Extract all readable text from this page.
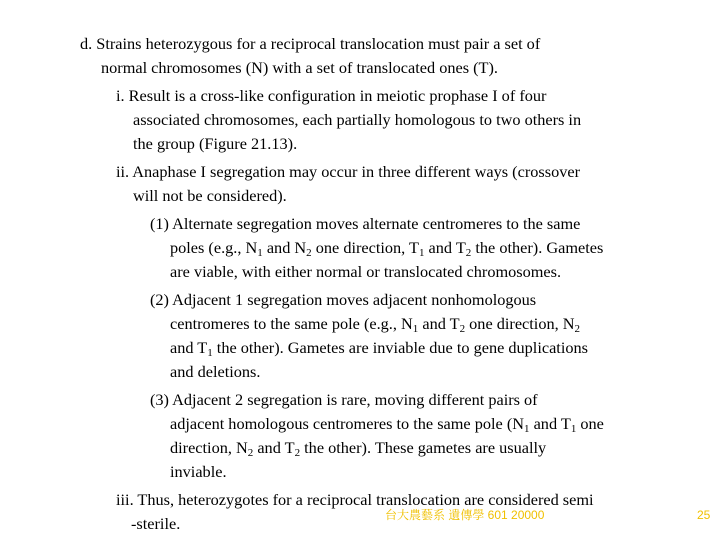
d. Strains heterozygous for a reciprocal translocation must pair a set of
normal chromosomes (N) with a set of translocated ones (T).
i. Result is a cross-like configuration in meiotic prophase I of four
associated chromosomes, each partially homologous to two others in
the group (Figure 21.13).
ii. Anaphase I segregation may occur in three different ways (crossover
will not be considered).
(1) Alternate segregation moves alternate centromeres to the same
poles (e.g., $N_1$ and $N_2$ one direction, $T_1$ and $T_2$ the other). Gametes
are viable, with either normal or translocated chromosomes.
(2) Adjacent 1 segregation moves adjacent nonhomologous
centromeres to the same pole (e.g., $N_1$ and $T_2$ one direction, $N_2$
and $T_1$ the other). Gametes are inviable due to gene duplications
and deletions.
(3) Adjacent 2 segregation is rare, moving different pairs of
adjacent homologous centromeres to the same pole ($N_1$ and $T_1$ one
direction, $N_2$ and $T_2$ the other). These gametes are usually
inviable.
iii. Thus, heterozygotes for a reciprocal translocation are considered semi
-sterile.	台大農藝系 遺傳學 601 20000	25
